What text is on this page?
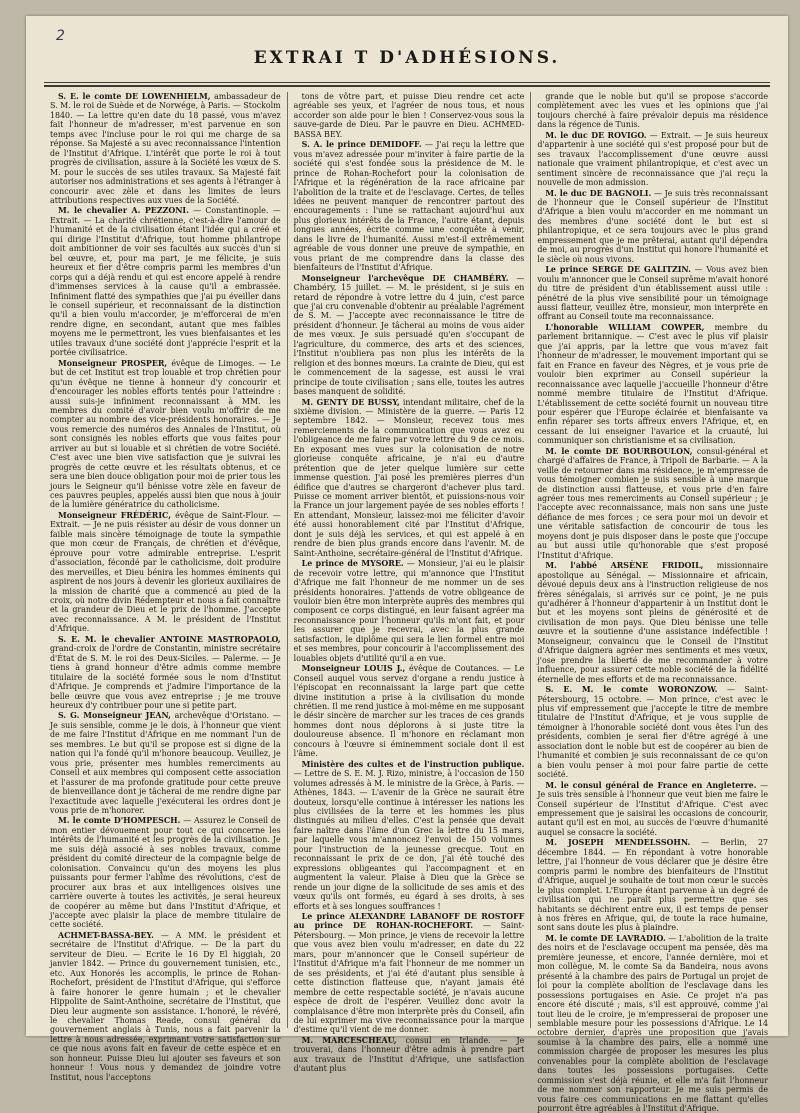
2
EXTRAI T D'ADHÉSIONS.

S. E. le comte DE LOWENHIELM, ambassadeur de S. M. le roi de Suède et de Norwége, à Paris. — Stockolm 1840. — La lettre qu'en date du 18 passé, vous m'avez fait l'honneur de m'adresser, m'est parvenue en son temps avec l'incluse pour le roi qui me charge de sa réponse. Sa Majesté a su avec reconnaissance l'intention de l'Institut d'Afrique. L'intérêt que porte le roi à tout progrès de civilisation, assure à la Société les vœux de S. M. pour le succès de ses utiles travaux. Sa Majesté fait autoriser nos administrations et ses agents à l'étranger à concourir avec zèle et dans les limites de leurs attributions respectives aux vues de la Société.

M. le chevalier A. PEZZONI. — Constantinople. — Extrait. — La charité chrétienne, c'est-à-dire l'amour de l'humanité et de la civilisation étant l'idée qui a créé et qui dirige l'Institut d'Afrique, tout homme philantrope doit ambitionner de voir ses facultés aux succès d'un si bel œuvre, et, pour ma part, je me félicite, je suis heureux et fier d'être compris parmi les membres d'un corps qui a déjà rendu et qui est encore appelé à rendre d'immenses services à la cause qu'il a embrassée. Infiniment flatté des sympathies que j'ai pu éveiller dans le conseil supérieur, et reconnaissant de la distinction qu'il a bien voulu m'accorder, je m'efforcerai de m'en rendre digne, en secondant, autant que mes faibles moyens me le permettront, les vues bienfaisantes et les utiles travaux d'une société dont j'apprécie l'esprit et la portée civilisatrice.

Monseigneur PROSPER, évêque de Limoges. — Le but de cet Institut est trop louable et trop chrétien pour qu'un évêque ne tienne à honneur d'y concourir et d'encourager les nobles efforts tentés pour l'atteindre : aussi suis-je infiniment reconnaissant à MM. les membres du comité d'avoir bien voulu m'offrir de me compter au nombre des vice-présidents honoraires. — Je vous remercie des numéros des Annales de l'Institut, où sont consignés les nobles efforts que vous faites pour arriver au but si louable et si chrétien de votre Société. C'est avec une bien vive satisfaction que je suivrai les progrès de cette œuvre et les résultats obtenus, et ce sera une bien douce obligation pour moi de prier tous les jours le Seigneur qu'il bénisse votre zèle en faveur de ces pauvres peuples, appelés aussi bien que nous à jouir de la lumière génératrice du catholicisme.

Monseigneur FRÉDÉRIC, évêque de Saint-Flour. — Extrait. — Je ne puis résister au désir de vous donner un faible mais sincère témoignage de toute la sympathie que mon cœur de Français, de chrétien et d'évêque, éprouve pour votre admirable entreprise. L'esprit d'association, fécondé par le catholicisme, doit produire des merveilles, et Dieu bénira les hommes éminents qui aspirent de nos jours à devenir les glorieux auxiliaires de la mission de charité que a commencé au pied de la croix, où notre divin Rédempteur et nous a fait connaître et la grandeur de Dieu et le prix de l'homme. J'accepte avec reconnaissance. A M. le président de l'Institut d'Afrique.

S. E. M. le chevalier ANTOINE MASTROPAOLO, grand-croix de l'ordre de Constantin, ministre secrétaire d'État de S. M. le roi des Deux-Siciles. — Palerme. — Je tiens à grand honneur d'être admis comme membre titulaire de la société formée sous le nom d'Institut d'Afrique. Je comprends et j'admire l'importance de la belle œuvre que vous avez entreprise ; je me trouve heureux d'y contribuer pour une si petite part.

S. G. Monseigneur JEAN, archevêque d'Oristano. — Je suis sensible, comme je le dois, à l'honneur que vient de me faire l'Institut d'Afrique en me nommant l'un de ses membres. Le but qu'il se propose est si digne de la nation qui l'a fondé qu'il m'honore beaucoup. Veuillez, je vous prie, présenter mes humbles remerciments au Conseil et aux membres qui composent cette association et l'assurer de ma profonde gratitude pour cette preuve de bienveillance dont je tâcherai de me rendre digne par l'exactitude avec laquelle j'exécuterai les ordres dont je vous prie de m'honorer.

M. le comte D'HOMPESCH. — Assurez le Conseil de mon entier dévouement pour tout ce qui concerne les intérêts de l'humanité et les progrès de la civilisation. Je me suis déjà associé à ses nobles travaux, comme président du comité directeur de la compagnie belge de colonisation. Convaincu qu'un des moyens les plus puissants pour fermer l'abîme des révolutions, c'est de procurer aux bras et aux intelligences oisives une carrière ouverte à toutes les activités, je serai heureux de coopérer au même but dans l'Institut d'Afrique, et j'accepte avec plaisir la place de membre titulaire de cette société.

ACHMET-BASSA-BEY. — A MM. le président et secrétaire de l'Institut d'Afrique. — De la part du serviteur de Dieu. — Ecrite le 16 Dy El higgiah, 20 janvier 1842. — Prince du gouvernement tunisien, etc., etc. Aux Honorés les accomplis, le prince de Rohan-Rochefort, président de l'Institut d'Afrique, qui s'efforce à faire honorer le genre humain ; et le chevalier Hippolite de Saint-Anthoine, secrétaire de l'Institut, que Dieu leur augmente son assistance. L'honoré, le révéré, le chevalier Thomas Reade, consul général du gouvernement anglais à Tunis, nous a fait parvenir la lettre à nous adressée, exprimant votre satisfaction sur ce que nous avons fait en faveur de cette espèce et en son honneur. Puisse Dieu lui ajouter ses faveurs et son honneur ! Vous nous y demandez de joindre votre Institut, nous l'acceptons

tons de vôtre part, et puisse Dieu rendre cet acte agréable ses yeux, et l'agréer de nous tous, et nous accorder son aide pour le bien ! Conservez-vous sous la sauve-garde de Dieu. Par le pauvre en Dieu. ACHMED-BASSA BEY.

S. A. le prince DEMIDOFF. — J'ai reçu la lettre que vous m'avez adressée pour m'inviter à faire partie de la société qui s'est fondée sous la présidence de M. le prince de Rohan-Rochefort pour la colonisation de l'Afrique et la régénération de la race africaine par l'abolition de la traite et de l'esclavage. Certes, de telles idées ne peuvent manquer de rencontrer partout des encouragements : l'une se rattachant aujourd'hui aux plus glorieux intérêts de la France, l'autre étant, depuis longues années, écrite comme une conquête à venir, dans le livre de l'humanité. Aussi m'est-il extrêmement agréable de vous donner une preuve de sympathie, en vous priant de me comprendre dans la classe des bienfaiteurs de l'Institut d'Afrique.

Monseigneur l'archevêque DE CHAMBÉRY. — Chambéry, 15 juillet. — M. le président, si je suis en retard de répondre à votre lettre du 4 juin, c'est parce que j'ai cru convenable d'obtenir au préalable l'agrément de S. M. — J'accepte avec reconnaissance le titre de président d'honneur. Je tâcherai au moins de vous aider de mes vœux. Je suis persuadé qu'en s'occupant de l'agriculture, du commerce, des arts et des sciences, l'Institut n'oubliera pas non plus les intérêts de la religion et des bonnes mœurs. La crainte de Dieu, qui est le commencement de la sagesse, est aussi le vrai principe de toute civilisation ; sans elle, toutes les autres bases manquent de solidité.

M. GENTY DE BUSSY, intendant militaire, chef de la sixième division. — Ministère de la guerre. — Paris 12 septembre 1842. — Monsieur, recevez tous mes remerciements de la communication que vous avez eu l'obligeance de me faire par votre lettre du 9 de ce mois. En exposant mes vues sur la colonisation de notre glorieuse conquête africaine, je n'ai eu d'autre prétention que de jeter quelque lumière sur cette immense question. J'ai posé les premières pierres d'un édifice que d'autres se chargeront d'achever plus tard. Puisse ce moment arriver bientôt, et puissions-nous voir la France un jour largement payée de ses nobles efforts ! En attendant, Monsieur, laissez-moi me féliciter d'avoir été aussi honorablement cité par l'Institut d'Afrique, dont je suis déjà les services, et qui est appelé à en rendre de bien plus grands encore dans l'avenir. M. de Saint-Anthoine, secrétaire-général de l'Institut d'Afrique.

Le prince de MYSORE. — Monsieur, j'ai eu le plaisir de recevoir votre lettre, qui m'annonce que l'Institut d'Afrique me fait l'honneur de me nommer un de ses présidents honoraires. J'attends de votre obligeance de vouloir bien être mon interprète auprès des membres qui composent ce corps distingué, en leur faisant agréer ma reconnaissance pour l'honneur qu'ils m'ont fait, et pour les assurer que je recevrai, avec la plus grande satisfaction, le diplôme qui sera le lien formel entre moi et ses membres, pour concourir à l'accomplissement des louables objets d'utilité qu'il a en vue.

Monseigneur LOUIS J., évêque de Coutances. — Le Conseil auquel vous servez d'organe a rendu justice à l'épiscopat en reconnaissant la large part que cette divine institution a prise à la civilisation du monde chrétien. Il me rend justice à moi-même en me supposant le désir sincère de marcher sur les traces de ces grands hommes dont nous déplorons à si juste titre la douloureuse absence. Il m'honore en réclamant mon concours à l'œuvre si éminemment sociale dont il est l'âme.

Ministère des cultes et de l'instruction publique. — Lettre de S. E. M. J. Rizo, ministre, à l'occasion de 150 volumes adressés à M. le ministre de la Grèce, à Paris. — Athènes, 1843. — L'avenir de la Grèce ne saurait être douteux, lorsqu'elle continue à intéresser les nations les plus civilisées de la terre et les hommes les plus distingués au milieu d'elles. C'est la pensée que devait faire naître dans l'âme d'un Grec la lettre du 15 mars, par laquelle vous m'annoncez l'envoi de 150 volumes pour l'instruction de la jeunesse grecque. Tout en reconnaissant le prix de ce don, j'ai été touché des expressions obligeantes qui l'accompagnent et en augmentent la valeur. Plaise à Dieu que la Grèce se rende un jour digne de la sollicitude de ses amis et des vœux qu'ils ont formés, eu égard à ses droits, à ses efforts et à ses longues souffrances !

Le prince ALEXANDRE LABANOFF DE ROSTOFF au prince DE ROHAN-ROCHEFORT. — Saint-Pétersbourg. — Mon prince, je viens de recevoir la lettre que vous avez bien voulu m'adresser, en date du 22 mars, pour m'annoncer que le Conseil supérieur de l'Institut d'Afrique m'a fait l'honneur de me nommer un de ses présidents, et j'ai été d'autant plus sensible à cette distinction flatteuse que, n'ayant jamais été membre de cette respectable société, je n'avais aucune espèce de droit de l'espérer. Veuillez donc avoir la complaisance d'être mon interprète près du Conseil, afin de lui exprimer ma vive reconnaissance pour la marque d'estime qu'il vient de me donner.

M. MARCESCHEAU, consul en Irlande. — Je trouverai, dans l'honneur d'être admis à prendre part aux travaux de l'Institut d'Afrique, une satisfaction d'autant plus

grande que le noble but qu'il se propose s'accorde complètement avec les vues et les opinions que j'ai toujours cherché à faire prévaloir depuis ma résidence dans la régence de Tunis.

M. le duc DE ROVIGO. — Extrait. — Je suis heureux d'appartenir à une société qui s'est proposé pour but de ses travaux l'accomplissement d'une œuvre aussi nationale que vraiment philantropique, et c'est avec un sentiment sincère de reconnaissance que j'ai reçu la nouvelle de mon admission.

M. le duc DE BAGNOLI. — Je suis très reconnaissant de l'honneur que le Conseil supérieur de l'Institut d'Afrique a bien voulu m'accorder en me nommant un des membres d'une société dont le but est si philantropique, et ce sera toujours avec le plus grand empressement que je me prêterai, autant qu'il dépendra de moi, au progrès d'un Institut qui honore l'humanité et le siècle où nous vivons.

Le prince SERGE DE GALITZIN. — Vous avez bien voulu m'annoncer que le Conseil suprême m'avait honoré du titre de président d'un établissement aussi utile : pénétré de la plus vive sensibilité pour un témoignage aussi flatteur, veuillez être, monsieur, mon interprète en offrant au Conseil toute ma reconnaissance.

L'honorable WILLIAM COWPER, membre du parlement britannique. — C'est avec le plus vif plaisir que j'ai appris, par la lettre que vous m'avez fait l'honneur de m'adresser, le mouvement important qui se fait en France en faveur des Nègres, et je vous prie de vouloir bien exprimer au Conseil supérieur la reconnaissance avec laquelle j'accueille l'honneur d'être nommé membre titulaire de l'Institut d'Afrique. L'établissement de cette société fournit un nouveau titre pour espérer que l'Europe éclairée et bienfaisante va enfin réparer ses torts affreux envers l'Afrique, et, en cessant de lui enseigner l'avarice et la cruauté, lui communiquer son christianisme et sa civilisation.

M. le comte DE BOURBOULON, consul-général et chargé d'affaires de France, à Tripoli de Barbarie. — A la veille de retourner dans ma résidence, je m'empresse de vous témoigner combien je suis sensible à une marque de distinction aussi flatteuse, et vous prie d'en faire agréer tous mes remerciments au Conseil supérieur ; je l'accepte avec reconnaissance, mais non sans une juste défiance de mes forces ; ce sera pour moi un devoir et une véritable satisfaction de concourir de tous les moyens dont je puis disposer dans le poste que j'occupe au but aussi utile qu'honorable que s'est proposé l'Institut d'Afrique.

M. l'abbé ARSÈNE FRIDOIL, missionnaire apostolique au Sénégal. — Missionnaire et africain, dévoué depuis deux ans à l'instruction religieuse de nos frères sénégalais, si arrivés sur ce point, je ne puis qu'adhérer à l'honneur d'appartenir à un Institut dont le but et les moyens sont pleins de générosité et de civilisation de mon pays. Que Dieu bénisse une telle œuvre et la soutienne d'une assistance indéfectible ! Monseigneur, convaincu que le Conseil de l'Institut d'Afrique daignera agréer mes sentiments et mes vœux, j'ose prendre la liberté de me recommander à votre influence, pour assurer cette noble société de la fidélité éternelle de mes efforts et de ma reconnaissance.

S. E. M. le comte WORONZOW. — Saint-Pétersbourg, 15 octobre. — Mon prince, c'est avec le plus vif empressement que j'accepte le titre de membre titulaire de l'Institut d'Afrique, et je vous supplie de témoigner à l'honorable société dont vous êtes l'un des présidents, combien je serai fier d'être agrégé à une association dont le noble but est de coopérer au bien de l'humanité et combien je suis reconnaissant de ce qu'on a bien voulu penser à moi pour faire partie de cette société.

M. le consul général de France en Angleterre. — Je suis très sensible à l'honneur que veut bien me faire le Conseil supérieur de l'Institut d'Afrique. C'est avec empressement que je saisirai les occasions de concourir, autant qu'il est en moi, au succès de l'œuvre d'humanité auquel se consacre la société.

M. JOSEPH MENDELSSOHN. — Berlin, 27 décembre 1844. — En répondant à votre honorable lettre, j'ai l'honneur de vous déclarer que je désire être compris parmi le nombre des bienfaiteurs de l'Institut d'Afrique, auquel je souhaite de tout mon cœur le succès le plus complet. L'Europe étant parvenue à un degré de civilisation qui ne paraît plus permettre que ses habitants se déchirent entre eux, il est temps de penser à nos frères en Afrique, qui, de toute la race humaine, sont sans doute les plus à plaindre.

M. le comte DE LAVRADIO. — L'abolition de la traite des noirs et de l'esclavage occupent ma pensée, dès ma première jeunesse, et encore, l'année dernière, moi et mon collègue, M. le comte Sa da Bandeira, nous avons présenté à la chambre des pairs de Portugal un projet de loi pour la complète abolition de l'esclavage dans les possessions portugaises en Asie. Ce projet n'a pas encore été discuté ; mais, s'il est approuvé, comme j'ai tout lieu de le croire, je m'empresserai de proposer une semblable mesure pour les possessions d'Afrique. Le 14 octobre dernier, d'après une proposition que j'avais soumise à la chambre des pairs, elle a nommé une commission chargée de proposer les mesures les plus convenables pour la complète abolition de l'esclavage dans toutes les possessions portugaises. Cette commission s'est déjà réunie, et elle m'a fait l'honneur de me nommer son rapporteur. Je me suis permis de vous faire ces communications en me flattant qu'elles pourront être agréables à l'Institut d'Afrique.
